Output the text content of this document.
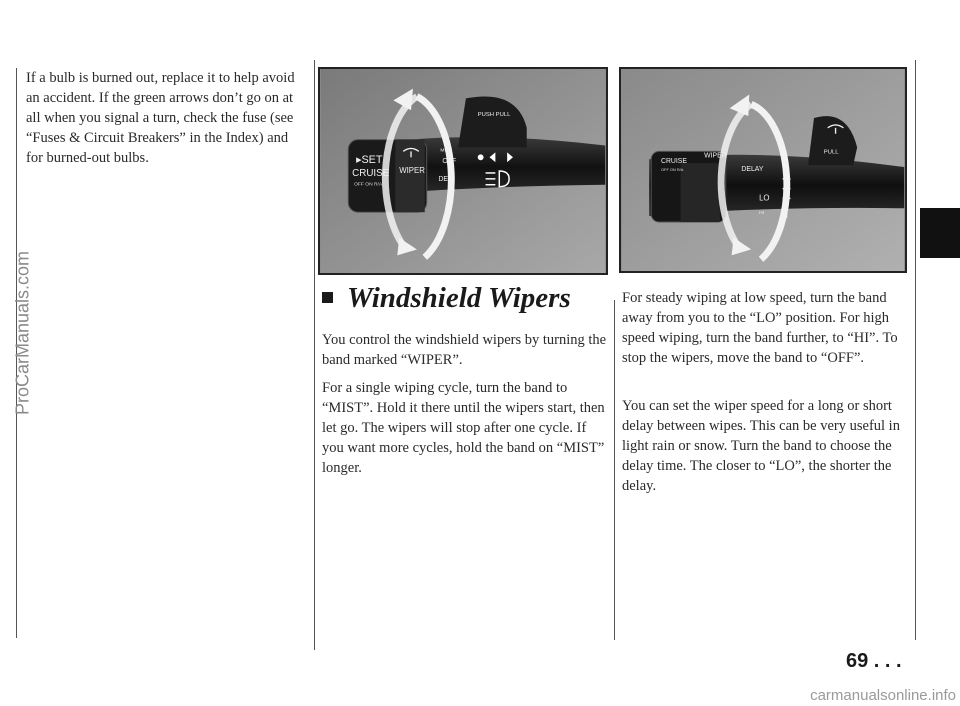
ProCarManuals.com

If a bulb is burned out, replace it to help avoid an accident. If the green arrows don’t go on at all when you signal a turn, check the fuse (see “Fuses & Circuit Breakers” in the Index) and for burned-out bulbs.	▸SET
CRUISE
OFF ON R/A
WIPER
PUSH PULL
MIST
OFF
DEL
CRUISE
OFF ON R/A
WIPER
DELAY
LO
HI
PULL
Windshield Wipers

You control the windshield wipers by turning the band marked “WIPER”.

For a single wiping cycle, turn the band to “MIST”. Hold it there until the wipers start, then let go. The wipers will stop after one cycle. If you want more cycles, hold the band on “MIST” longer.

For steady wiping at low speed, turn the band away from you to the “LO” position. For high speed wiping, turn the band further, to “HI”. To stop the wipers, move the band to “OFF”.

You can set the wiper speed for a long or short delay between wipes. This can be very useful in light rain or snow. Turn the band to choose the delay time. The closer to “LO”, the shorter the delay.

69 . . .
carmanualsonline.info
